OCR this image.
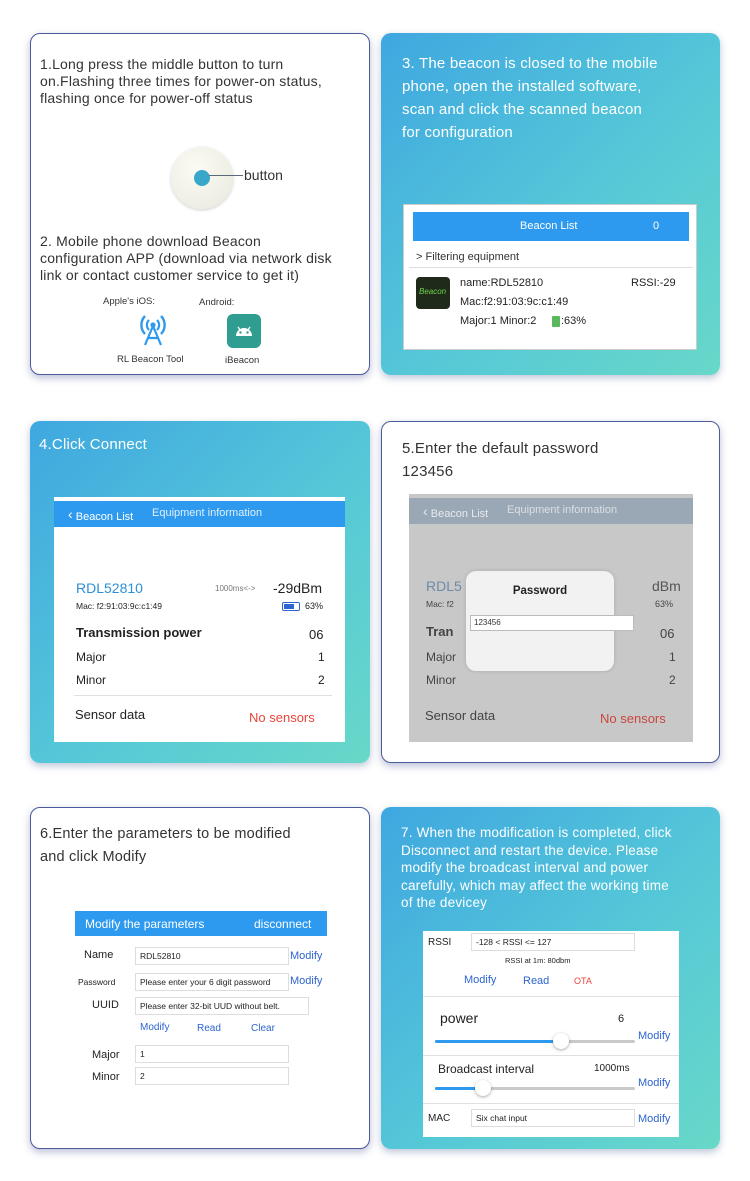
1.Long press the middle button to turn
on.Flashing three times for power-on status,
flashing once for power-off status
button
2. Mobile phone download Beacon
configuration APP (download via network disk
link or contact customer service to get it)
Apple's iOS:	Android:
RL Beacon Tool	iBeacon
3. The beacon is closed to the mobile
phone, open the installed software,
scan and click the scanned beacon
for configuration
Beacon List	0
> Filtering equipment
Beacon
name:RDL52810	RSSI:-29
Mac:f2:91:03:9c:c1:49
Major:1 Minor:2 :63%
4.Click Connect
‹ Beacon List Equipment information
RDL52810	1000ms<-> -29dBm
Mac: f2:91:03:9c:c1:49	63%
Transmission power	06
Major	1
Minor	2
Sensor data	No sensors
5.Enter the default password
123456
‹ Beacon List Equipment information
RDL5	dBm
Mac: f2	63%
Tran	06
Major	1
Minor	2
Sensor data	No sensors
Password
123456
6.Enter the parameters to be modified
and click Modify
Modify the parameters	disconnect
Name	RDL52810	Modify
Password	Please enter your 6 digit password	Modify
UUID	Please enter 32-bit UUD without belt.
Modify	Read	Clear
Major	1
Minor	2
7. When the modification is completed, click
Disconnect and restart the device. Please
modify the broadcast interval and power
carefully, which may affect the working time
of the devicey
RSSI	-128 < RSSI <= 127
RSSI at 1m: 80dbm
Modify Read	OTA
power	6
Modify
Broadcast interval	1000ms
Modify
MAC	Six chat input	Modify
